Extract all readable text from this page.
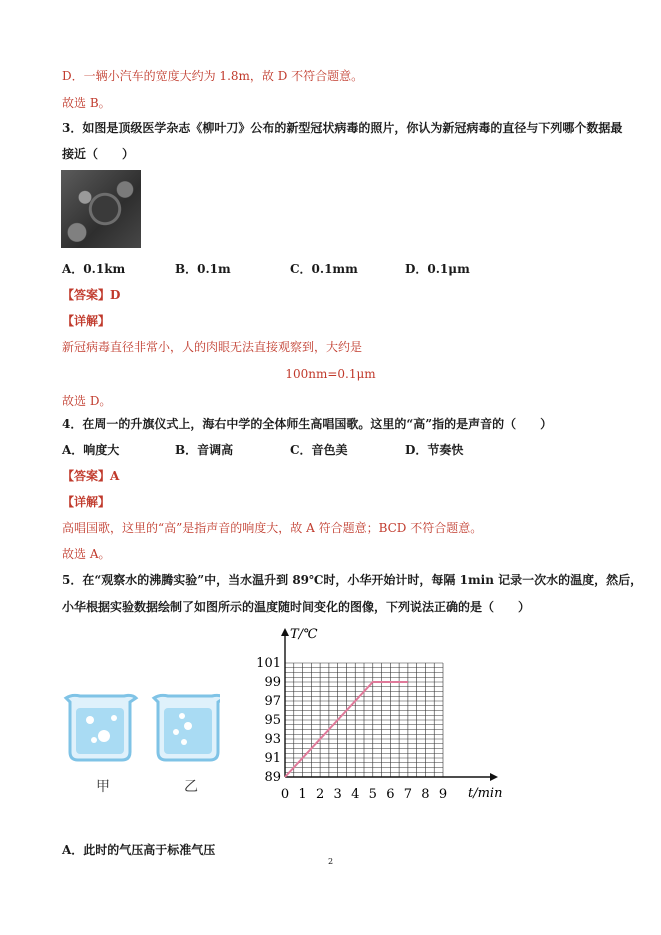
D．一辆小汽车的宽度大约为 1.8m，故 D 不符合题意。
故选 B。
3．如图是顶级医学杂志《柳叶刀》公布的新型冠状病毒的照片，你认为新冠病毒的直径与下列哪个数据最
接近（　　）
A．0.1km	B．0.1m	C．0.1mm	D．0.1μm
【答案】D
【详解】
新冠病毒直径非常小，人的肉眼无法直接观察到，大约是
100nm=0.1μm
故选 D。
4．在周一的升旗仪式上，海右中学的全体师生高唱国歌。这里的“高”指的是声音的（　　）
A．响度大	B．音调高	C．音色美	D．节奏快
【答案】A
【详解】
高唱国歌，这里的“高”是指声音的响度大，故 A 符合题意；BCD 不符合题意。
故选 A。
5．在“观察水的沸腾实验”中，当水温升到 89℃时，小华开始计时，每隔 1min 记录一次水的温度，然后，
小华根据实验数据绘制了如图所示的温度随时间变化的图像，下列说法正确的是（　　）
甲	乙	0 1 2 3 4 5 6 7 8 9
89
91
93
95
97
99
101
T/℃
t/min
A．此时的气压高于标准气压
2
